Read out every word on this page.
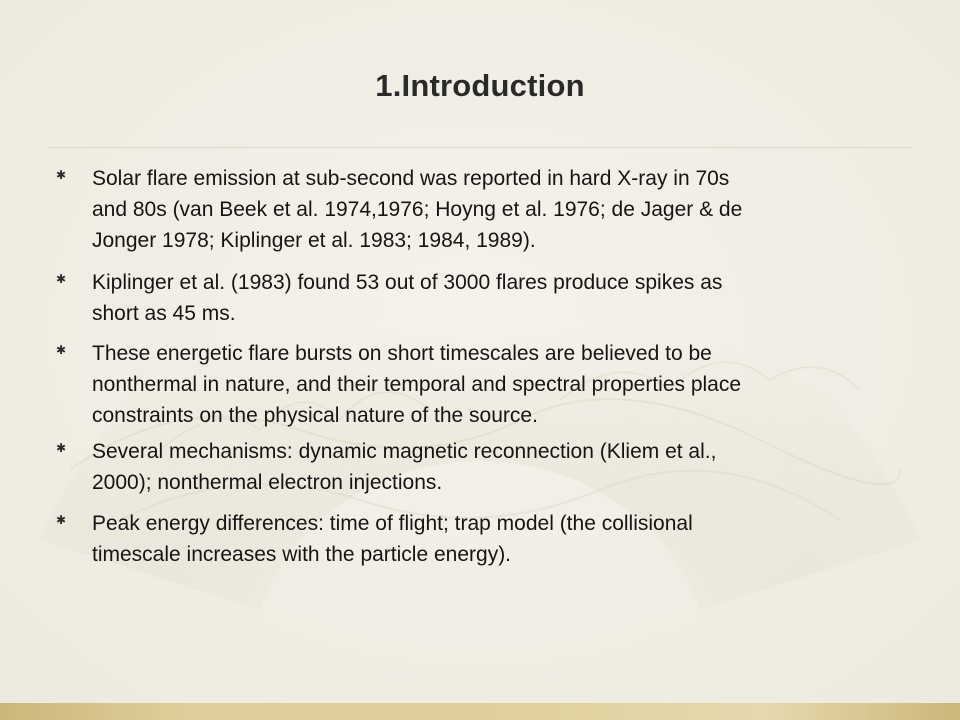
1.Introduction
✱ Solar flare emission at sub-second was reported in hard X-ray in 70s
and 80s (van Beek et al. 1974,1976; Hoyng et al. 1976; de Jager & de
Jonger 1978; Kiplinger et al. 1983; 1984, 1989).
✱ Kiplinger et al. (1983) found 53 out of 3000 flares produce spikes as
short as 45 ms.
✱ These energetic flare bursts on short timescales are believed to be
nonthermal in nature, and their temporal and spectral properties place
constraints on the physical nature of the source.
✱ Several mechanisms: dynamic magnetic reconnection (Kliem et al.,
2000); nonthermal electron injections.
✱ Peak energy differences: time of flight; trap model (the collisional
timescale increases with the particle energy).
